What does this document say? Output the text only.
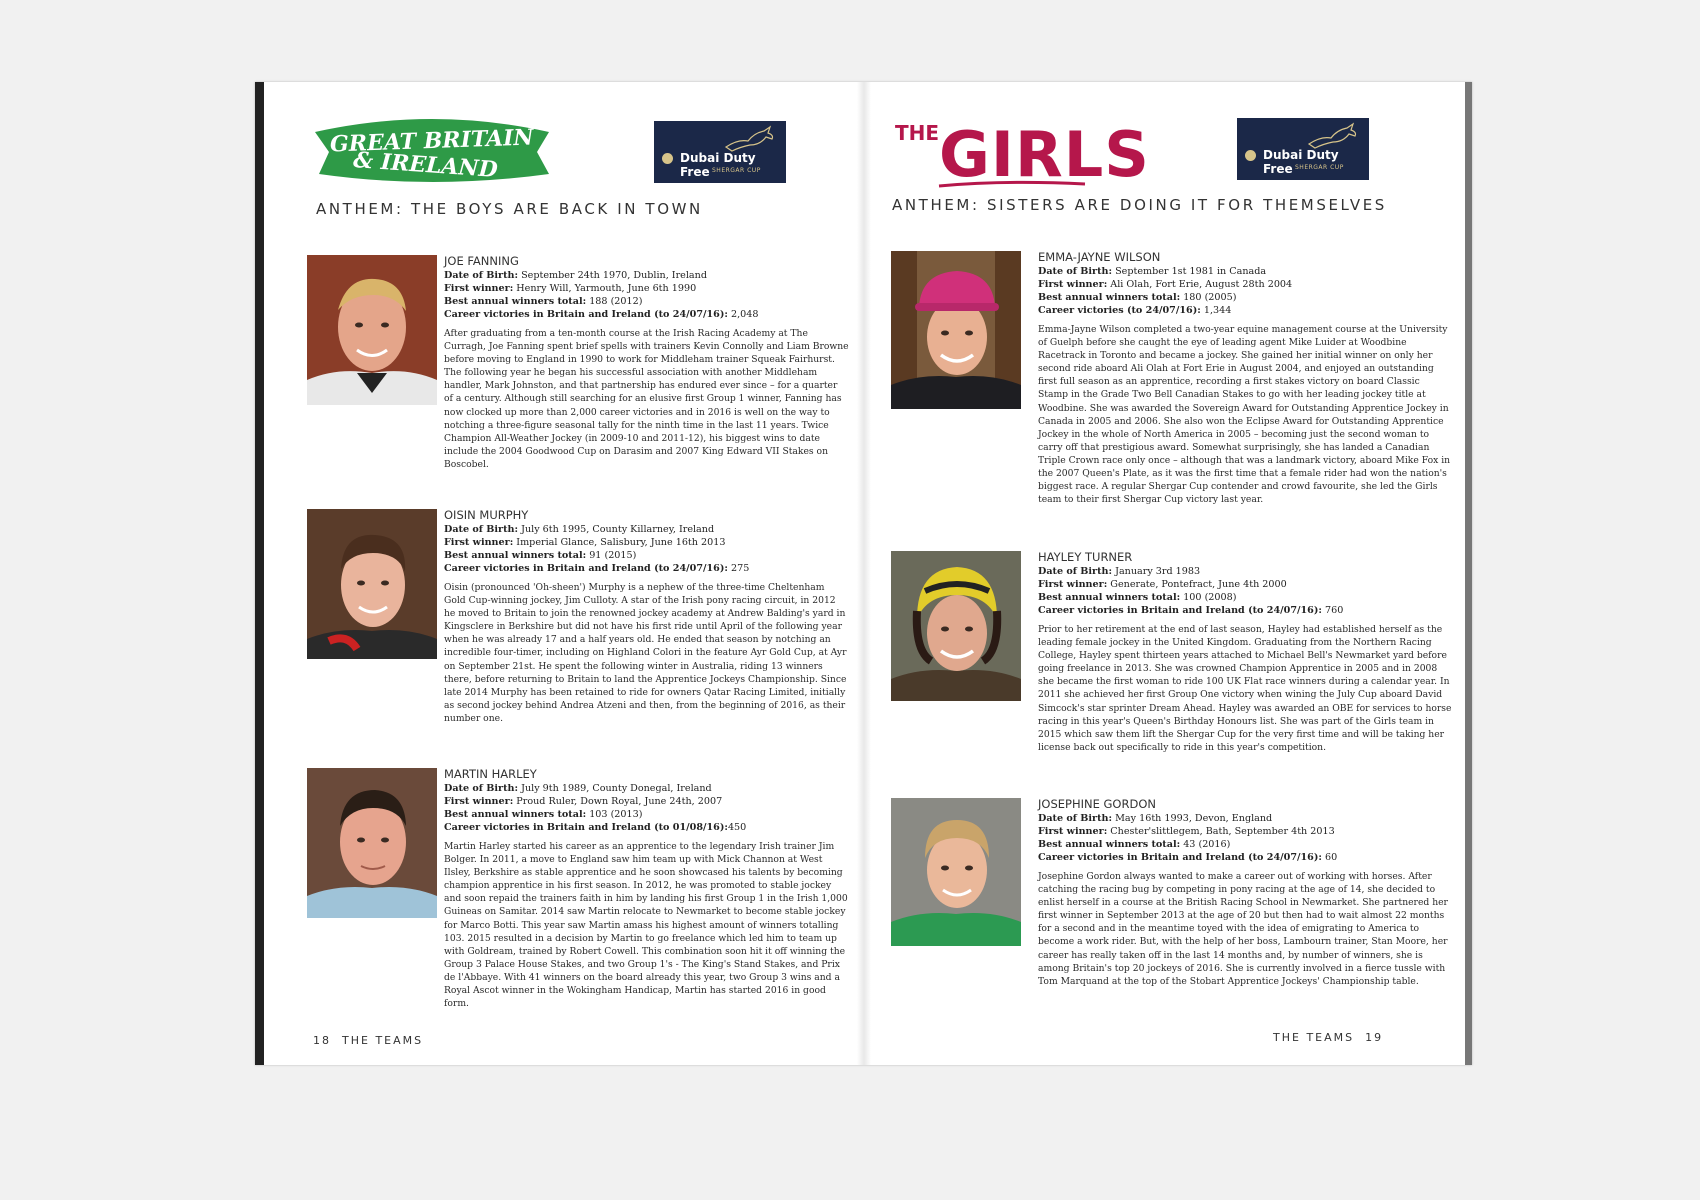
GREAT BRITAIN
& IRELAND	Dubai Duty Free SHERGAR CUP
ANTHEM: THE BOYS ARE BACK IN TOWN
JOE FANNING
Date of Birth: September 24th 1970, Dublin, Ireland
First winner: Henry Will, Yarmouth, June 6th 1990
Best annual winners total: 188 (2012)
Career victories in Britain and Ireland (to 24/07/16): 2,048
After graduating from a ten-month course at the Irish Racing Academy at The Curragh, Joe Fanning spent brief spells with trainers Kevin Connolly and Liam Browne before moving to England in 1990 to work for Middleham trainer Squeak Fairhurst. The following year he began his successful association with another Middleham handler, Mark Johnston, and that partnership has endured ever since – for a quarter of a century. Although still searching for an elusive first Group 1 winner, Fanning has now clocked up more than 2,000 career victories and in 2016 is well on the way to notching a three-figure seasonal tally for the ninth time in the last 11 years. Twice Champion All-Weather Jockey (in 2009-10 and 2011-12), his biggest wins to date include the 2004 Goodwood Cup on Darasim and 2007 King Edward VII Stakes on Boscobel.
OISIN MURPHY
Date of Birth: July 6th 1995, County Killarney, Ireland
First winner: Imperial Glance, Salisbury, June 16th 2013
Best annual winners total: 91 (2015)
Career victories in Britain and Ireland (to 24/07/16): 275
Oisin (pronounced 'Oh-sheen') Murphy is a nephew of the three-time Cheltenham Gold Cup-winning jockey, Jim Culloty. A star of the Irish pony racing circuit, in 2012 he moved to Britain to join the renowned jockey academy at Andrew Balding's yard in Kingsclere in Berkshire but did not have his first ride until April of the following year when he was already 17 and a half years old. He ended that season by notching an incredible four-timer, including on Highland Colori in the feature Ayr Gold Cup, at Ayr on September 21st. He spent the following winter in Australia, riding 13 winners there, before returning to Britain to land the Apprentice Jockeys Championship. Since late 2014 Murphy has been retained to ride for owners Qatar Racing Limited, initially as second jockey behind Andrea Atzeni and then, from the beginning of 2016, as their number one.
MARTIN HARLEY
Date of Birth: July 9th 1989, County Donegal, Ireland
First winner: Proud Ruler, Down Royal, June 24th, 2007
Best annual winners total: 103 (2013)
Career victories in Britain and Ireland (to 01/08/16):450
Martin Harley started his career as an apprentice to the legendary Irish trainer Jim Bolger. In 2011, a move to England saw him team up with Mick Channon at West Ilsley, Berkshire as stable apprentice and he soon showcased his talents by becoming champion apprentice in his first season. In 2012, he was promoted to stable jockey and soon repaid the trainers faith in him by landing his first Group 1 in the Irish 1,000 Guineas on Samitar. 2014 saw Martin relocate to Newmarket to become stable jockey for Marco Botti. This year saw Martin amass his highest amount of winners totalling 103. 2015 resulted in a decision by Martin to go freelance which led him to team up with Goldream, trained by Robert Cowell. This combination soon hit it off winning the Group 3 Palace House Stakes, and two Group 1's - The King's Stand Stakes, and Prix de l'Abbaye. With 41 winners on the board already this year, two Group 3 wins and a Royal Ascot winner in the Wokingham Handicap, Martin has started 2016 in good form.
18 THE TEAMS
THE GIRLS	Dubai Duty Free SHERGAR CUP
ANTHEM: SISTERS ARE DOING IT FOR THEMSELVES
EMMA-JAYNE WILSON
Date of Birth: September 1st 1981 in Canada
First winner: Ali Olah, Fort Erie, August 28th 2004
Best annual winners total: 180 (2005)
Career victories (to 24/07/16): 1,344
Emma-Jayne Wilson completed a two-year equine management course at the University of Guelph before she caught the eye of leading agent Mike Luider at Woodbine Racetrack in Toronto and became a jockey. She gained her initial winner on only her second ride aboard Ali Olah at Fort Erie in August 2004, and enjoyed an outstanding first full season as an apprentice, recording a first stakes victory on board Classic Stamp in the Grade Two Bell Canadian Stakes to go with her leading jockey title at Woodbine. She was awarded the Sovereign Award for Outstanding Apprentice Jockey in Canada in 2005 and 2006. She also won the Eclipse Award for Outstanding Apprentice Jockey in the whole of North America in 2005 – becoming just the second woman to carry off that prestigious award. Somewhat surprisingly, she has landed a Canadian Triple Crown race only once – although that was a landmark victory, aboard Mike Fox in the 2007 Queen's Plate, as it was the first time that a female rider had won the nation's biggest race. A regular Shergar Cup contender and crowd favourite, she led the Girls team to their first Shergar Cup victory last year.
HAYLEY TURNER
Date of Birth: January 3rd 1983
First winner: Generate, Pontefract, June 4th 2000
Best annual winners total: 100 (2008)
Career victories in Britain and Ireland (to 24/07/16): 760
Prior to her retirement at the end of last season, Hayley had established herself as the leading female jockey in the United Kingdom. Graduating from the Northern Racing College, Hayley spent thirteen years attached to Michael Bell's Newmarket yard before going freelance in 2013. She was crowned Champion Apprentice in 2005 and in 2008 she became the first woman to ride 100 UK Flat race winners during a calendar year. In 2011 she achieved her first Group One victory when wining the July Cup aboard David Simcock's star sprinter Dream Ahead. Hayley was awarded an OBE for services to horse racing in this year's Queen's Birthday Honours list. She was part of the Girls team in 2015 which saw them lift the Shergar Cup for the very first time and will be taking her license back out specifically to ride in this year's competition.
JOSEPHINE GORDON
Date of Birth: May 16th 1993, Devon, England
First winner: Chester'slittlegem, Bath, September 4th 2013
Best annual winners total: 43 (2016)
Career victories in Britain and Ireland (to 24/07/16): 60
Josephine Gordon always wanted to make a career out of working with horses. After catching the racing bug by competing in pony racing at the age of 14, she decided to enlist herself in a course at the British Racing School in Newmarket. She partnered her first winner in September 2013 at the age of 20 but then had to wait almost 22 months for a second and in the meantime toyed with the idea of emigrating to America to become a work rider. But, with the help of her boss, Lambourn trainer, Stan Moore, her career has really taken off in the last 14 months and, by number of winners, she is among Britain's top 20 jockeys of 2016. She is currently involved in a fierce tussle with Tom Marquand at the top of the Stobart Apprentice Jockeys' Championship table.
THE TEAMS 19
